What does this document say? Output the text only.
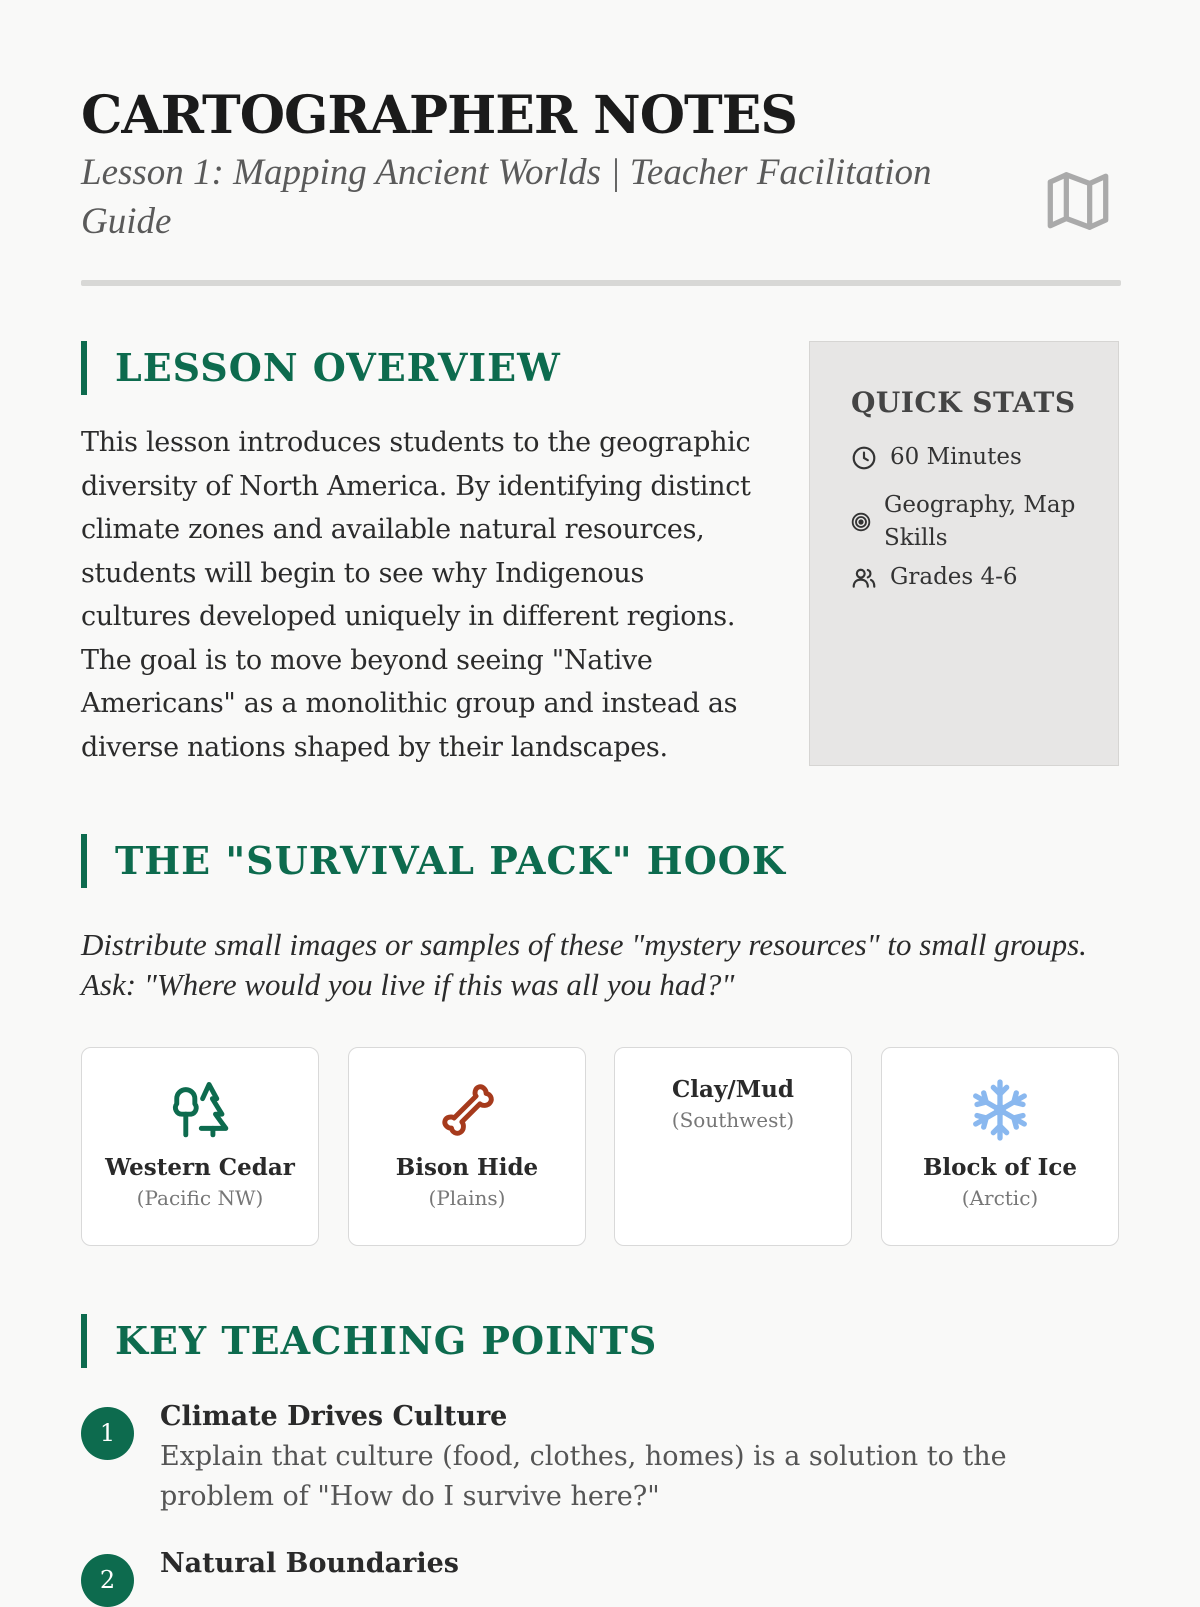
CARTOGRAPHER NOTES

Lesson 1: Mapping Ancient Worlds | Teacher Facilitation Guide

LESSON OVERVIEW

This lesson introduces students to the geographic diversity of North America. By identifying distinct climate zones and available natural resources, students will begin to see why Indigenous cultures developed uniquely in different regions. The goal is to move beyond seeing "Native Americans" as a monolithic group and instead as diverse nations shaped by their landscapes.

QUICK STATS
60 Minutes
Geography, Map Skills
Grades 4-6
THE "SURVIVAL PACK" HOOK

Distribute small images or samples of these "mystery resources" to small groups. Ask: "Where would you live if this was all you had?"

Western Cedar
(Pacific NW)
Bison Hide
(Plains)
Clay/Mud
(Southwest)
Block of Ice
(Arctic)
KEY TEACHING POINTS
1
Climate Drives Culture

Explain that culture (food, clothes, homes) is a solution to the problem of "How do I survive here?"

2
Natural Boundaries
